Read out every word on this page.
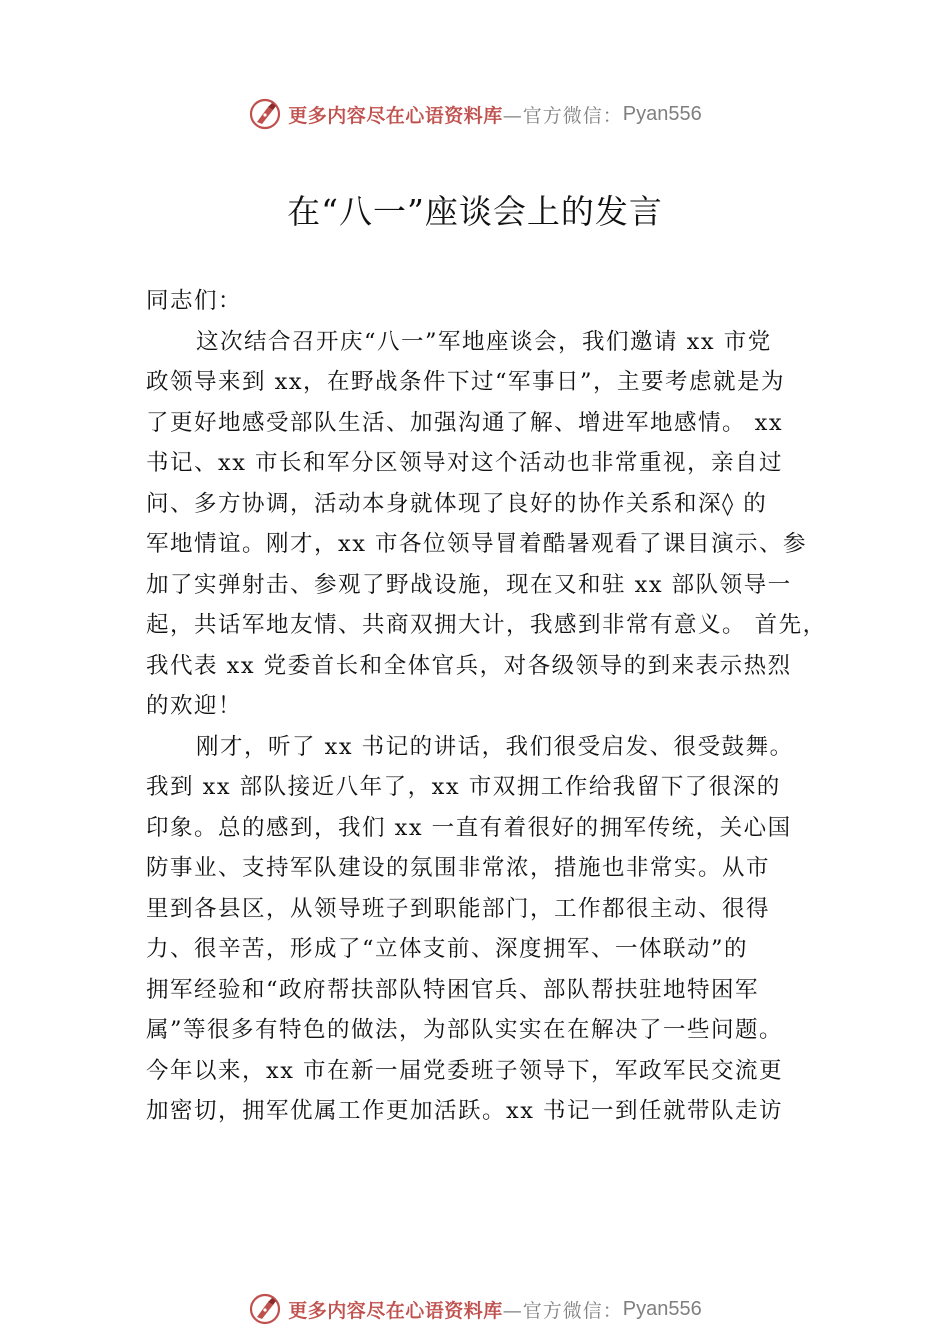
更多内容尽在心语资料库 —官方微信： Pyan556
在“八一”座谈会上的发言
同志们：
这次结合召开庆“八一”军地座谈会，我们邀请 xx 市党
政领导来到 xx，在野战条件下过“军事日”，主要考虑就是为
了更好地感受部队生活、加强沟通了解、增进军地感情。 xx
书记、xx 市长和军分区领导对这个活动也非常重视，亲自过
问、多方协调，活动本身就体现了良好的协作关系和深◊ 的
军地情谊。刚才，xx 市各位领导冒着酷暑观看了课目演示、参
加了实弹射击、参观了野战设施，现在又和驻 xx 部队领导一
起，共话军地友情、共商双拥大计，我感到非常有意义。 首先，
我代表 xx 党委首长和全体官兵，对各级领导的到来表示热烈
的欢迎！
刚才，听了 xx 书记的讲话，我们很受启发、很受鼓舞。
我到 xx 部队接近八年了，xx 市双拥工作给我留下了很深的
印象。总的感到，我们 xx 一直有着很好的拥军传统，关心国
防事业、支持军队建设的氛围非常浓，措施也非常实。从市
里到各县区，从领导班子到职能部门，工作都很主动、很得
力、很辛苦，形成了“立体支前、深度拥军、一体联动”的
拥军经验和“政府帮扶部队特困官兵、部队帮扶驻地特困军
属”等很多有特色的做法，为部队实实在在解决了一些问题。
今年以来，xx 市在新一届党委班子领导下，军政军民交流更
加密切，拥军优属工作更加活跃。xx 书记一到任就带队走访
更多内容尽在心语资料库 —官方微信： Pyan556
